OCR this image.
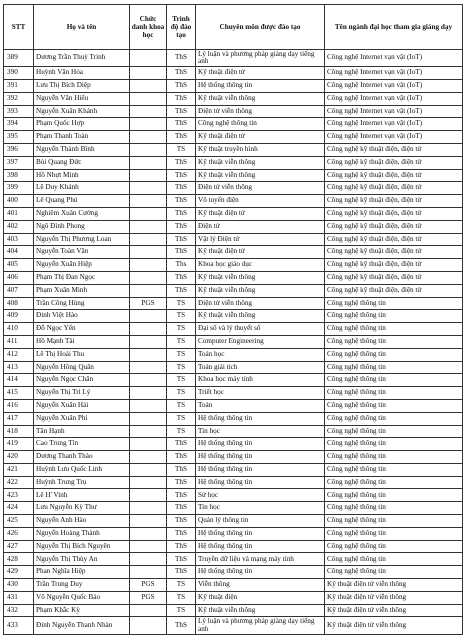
STT	Họ và tên	Chức danh khoa học	Trình độ đào tạo	Chuyên môn được đào tạo	Tên ngành đại học tham gia giảng dạy
389	Dương Trần Thuỳ Trinh		ThS	Lý luận và phương pháp giảng dạy tiếng anh	Công nghệ Internet vạn vật (IoT)
390	Huỳnh Văn Hóa		ThS	Kỹ thuật điện tử	Công nghệ Internet vạn vật (IoT)
391	Lưu Thị Bích Diệp		ThS	Hệ thống thông tin	Công nghệ Internet vạn vật (IoT)
392	Nguyễn Văn Hiếu		ThS	Kỹ thuật viễn thông	Công nghệ Internet vạn vật (IoT)
393	Nguyễn Xuân Khánh		ThS	Điện tử viễn thông	Công nghệ Internet vạn vật (IoT)
394	Phạm Quốc Hợp		ThS	Công nghệ thông tin	Công nghệ Internet vạn vật (IoT)
395	Phạm Thanh Toàn		ThS	Kỹ thuật điện tử	Công nghệ Internet vạn vật (IoT)
396	Nguyễn Thành Bình		TS	Kỹ thuật truyền hình	Công nghệ kỹ thuật điện, điện tử
397	Bùi Quang Đức		ThS	Kỹ thuật viễn thông	Công nghệ kỹ thuật điện, điện tử
398	Hồ Nhựt Minh		ThS	Kỹ thuật viễn thông	Công nghệ kỹ thuật điện, điện tử
399	Lê Duy Khánh		ThS	Điện tử viễn thông	Công nghệ kỹ thuật điện, điện tử
400	Lê Quang Phú		ThS	Vô tuyến điện	Công nghệ kỹ thuật điện, điện tử
401	Nghiêm Xuân Cường		ThS	Kỹ thuật điện tử	Công nghệ kỹ thuật điện, điện tử
402	Ngô Đình Phong		ThS	Điện tử	Công nghệ kỹ thuật điện, điện tử
403	Nguyễn Thị Phương Loan		ThS	Vật lý Điện tử	Công nghệ kỹ thuật điện, điện tử
404	Nguyễn Toàn Văn		ThS	Kỹ thuật điện tử	Công nghệ kỹ thuật điện, điện tử
405	Nguyễn Xuân Hiệp		Ths	Khoa học giáo dục	Công nghệ kỹ thuật điện, điện tử
406	Phạm Thị Đan Ngọc		ThS	Kỹ thuật viễn thông	Công nghệ kỹ thuật điện, điện tử
407	Phạm Xuân Minh		ThS	Kỹ thuật viễn thông	Công nghệ kỹ thuật điện, điện tử
408	Trần Công Hùng	PGS	TS	Điện tử viễn thông	Công nghệ thông tin
409	Đinh Việt Hào		TS	Kỹ thuật viễn thông	Công nghệ thông tin
410	Đỗ Ngọc Yến		TS	Đại số và lý thuyết số	Công nghệ thông tin
411	Hồ Mạnh Tài		TS	Computer Engineering	Công nghệ thông tin
412	Lê Thị Hoài Thu		TS	Toán học	Công nghệ thông tin
413	Nguyễn Hồng Quân		TS	Toán giải tích	Công nghệ thông tin
414	Nguyễn Ngọc Chân		TS	Khoa học máy tính	Công nghệ thông tin
415	Nguyễn Thị Tri Lý		TS	Triết học	Công nghệ thông tin
416	Nguyễn Xuân Hải		TS	Toán	Công nghệ thông tin
417	Nguyễn Xuân Phi		TS	Hệ thống thông tin	Công nghệ thông tin
418	Tân Hạnh		TS	Tin học	Công nghệ thông tin
419	Cao Trung Tín		ThS	Hệ thống thông tin	Công nghệ thông tin
420	Dương Thanh Thảo		ThS	Hệ thống thông tin	Công nghệ thông tin
421	Huỳnh Lưu Quốc Linh		ThS	Hệ thống thông tin	Công nghệ thông tin
422	Huỳnh Trung Trụ		ThS	Hệ thống thông tin	Công nghệ thông tin
423	Lê H' Vinh		ThS	Sử học	Công nghệ thông tin
424	Lưu Nguyễn Kỳ Thư		ThS	Tin học	Công nghệ thông tin
425	Nguyễn Anh Hào		ThS	Quản lý thông tin	Công nghệ thông tin
426	Nguyễn Hoàng Thành		ThS	Hệ thống thông tin	Công nghệ thông tin
427	Nguyễn Thị Bích Nguyên		ThS	Hệ thống thông tin	Công nghệ thông tin
428	Nguyễn Thị Thùy An		ThS	Truyền dữ liệu và mạng máy tính	Công nghệ thông tin
429	Phan Nghĩa Hiệp		ThS	Hệ thống thông tin	Công nghệ thông tin
430	Trần Trung Duy	PGS	TS	Viễn thông	Kỹ thuật điện tử viễn thông
431	Võ Nguyễn Quốc Bảo	PGS	TS	Kỹ thuật điện	Kỹ thuật điện tử viễn thông
432	Phạm Khắc Kỳ		TS	Kỹ thuật viễn thông	Kỹ thuật điện tử viễn thông
433	Đinh Nguyễn Thanh Nhàn		ThS	Lý luận và phương pháp giảng dạy tiếng anh	Kỹ thuật điện tử viễn thông
